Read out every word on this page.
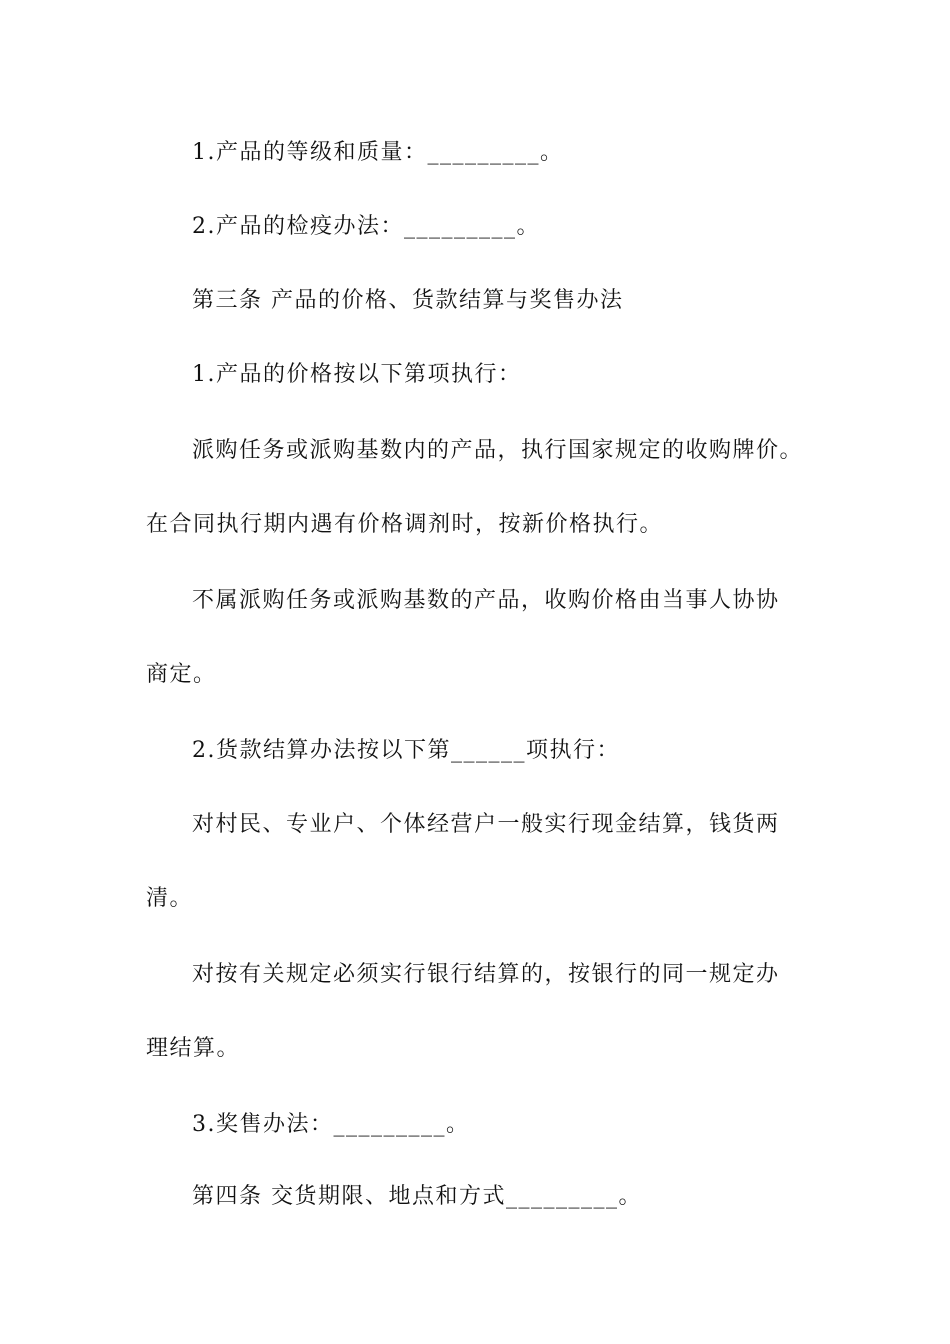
1.产品的等级和质量：_________。
2.产品的检疫办法：_________。
第三条 产品的价格、货款结算与奖售办法
1.产品的价格按以下第项执行：
派购任务或派购基数内的产品，执行国家规定的收购牌价。
在合同执行期内遇有价格调剂时，按新价格执行。
不属派购任务或派购基数的产品，收购价格由当事人协协
商定。
2.货款结算办法按以下第______项执行：
对村民、专业户、个体经营户一般实行现金结算，钱货两
清。
对按有关规定必须实行银行结算的，按银行的同一规定办
理结算。
3.奖售办法：_________。
第四条 交货期限、地点和方式_________。
